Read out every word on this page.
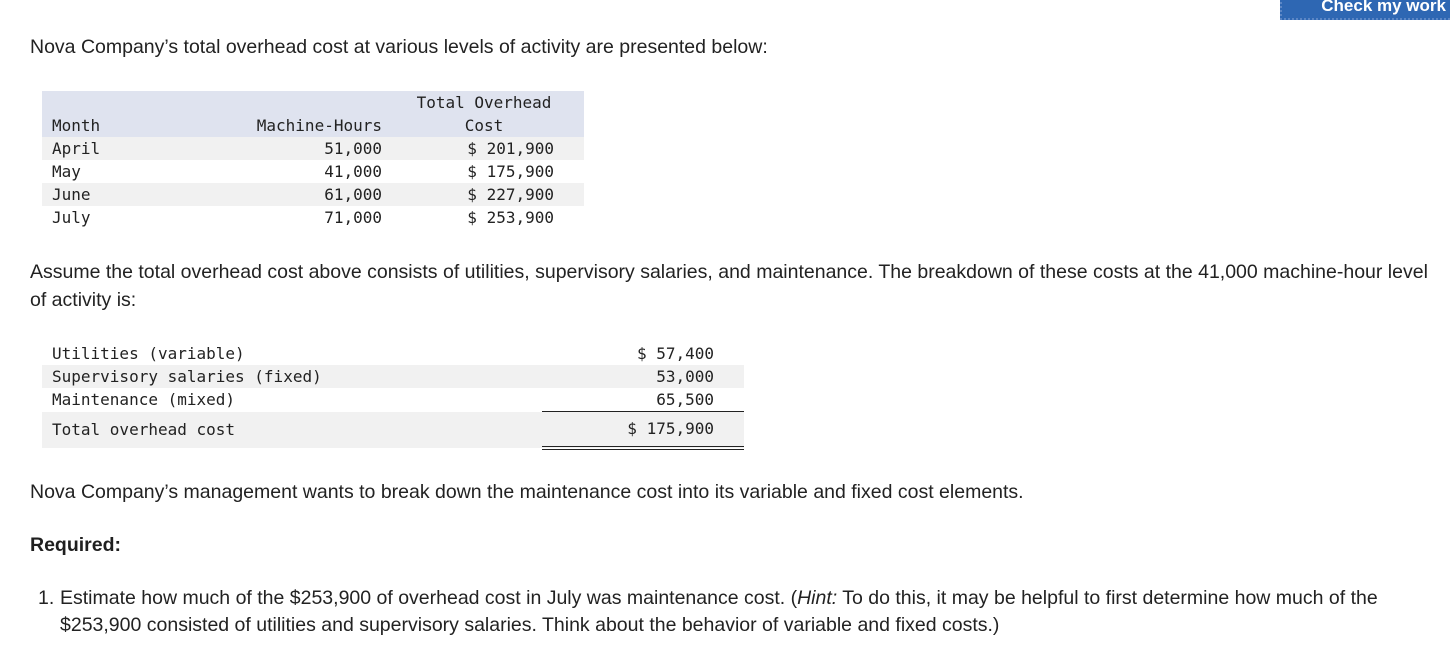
Check my work
Nova Company’s total overhead cost at various levels of activity are presented below:
		Total Overhead
Month	Machine-Hours	Cost
April	51,000	$ 201,900
May	41,000	$ 175,900
June	61,000	$ 227,900
July	71,000	$ 253,900
Assume the total overhead cost above consists of utilities, supervisory salaries, and maintenance. The breakdown of these costs at the 41,000 machine-hour level of activity is:
Utilities (variable)	$ 57,400
Supervisory salaries (fixed)	53,000
Maintenance (mixed)	65,500
Total overhead cost	$ 175,900
Nova Company’s management wants to break down the maintenance cost into its variable and fixed cost elements.
Required:
1. Estimate how much of the $253,900 of overhead cost in July was maintenance cost. (Hint: To do this, it may be helpful to first determine how much of the $253,900 consisted of utilities and supervisory salaries. Think about the behavior of variable and fixed costs.)
